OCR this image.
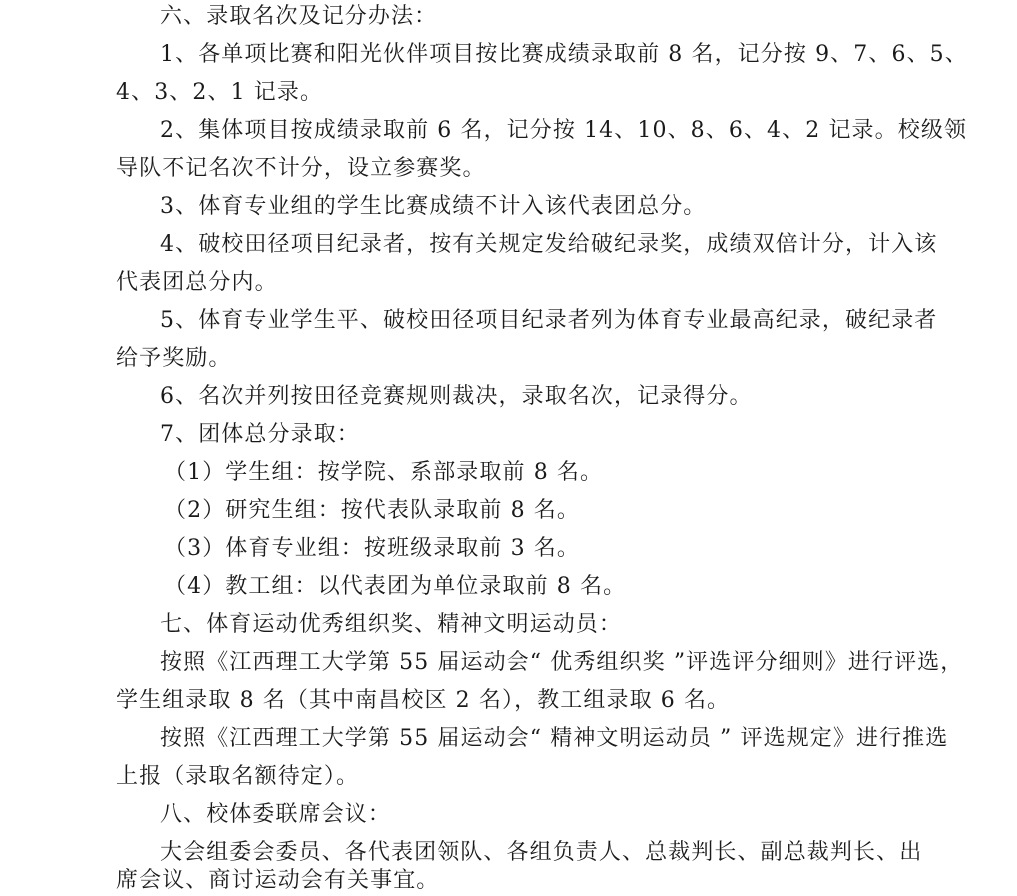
六、录取名次及记分办法：
1、各单项比赛和阳光伙伴项目按比赛成绩录取前 8 名，记分按 9、7、6、5、
4、3、2、1 记录。
2、集体项目按成绩录取前 6 名，记分按 14、10、8、6、4、2 记录。校级领
导队不记名次不计分，设立参赛奖。
3、体育专业组的学生比赛成绩不计入该代表团总分。
4、破校田径项目纪录者，按有关规定发给破纪录奖，成绩双倍计分，计入该
代表团总分内。
5、体育专业学生平、破校田径项目纪录者列为体育专业最高纪录，破纪录者
给予奖励。
6、名次并列按田径竞赛规则裁决，录取名次，记录得分。
7、团体总分录取：
（1）学生组：按学院、系部录取前 8 名。
（2）研究生组：按代表队录取前 8 名。
（3）体育专业组：按班级录取前 3 名。
（4）教工组：以代表团为单位录取前 8 名。
七、体育运动优秀组织奖、精神文明运动员：
按照《江西理工大学第 55 届运动会“ 优秀组织奖 ”评选评分细则》进行评选，
学生组录取 8 名（其中南昌校区 2 名），教工组录取 6 名。
按照《江西理工大学第 55 届运动会“ 精神文明运动员 ” 评选规定》进行推选
上报（录取名额待定）。
八、校体委联席会议：
大会组委会委员、各代表团领队、各组负责人、总裁判长、副总裁判长、出
席会议、商讨运动会有关事宜。
